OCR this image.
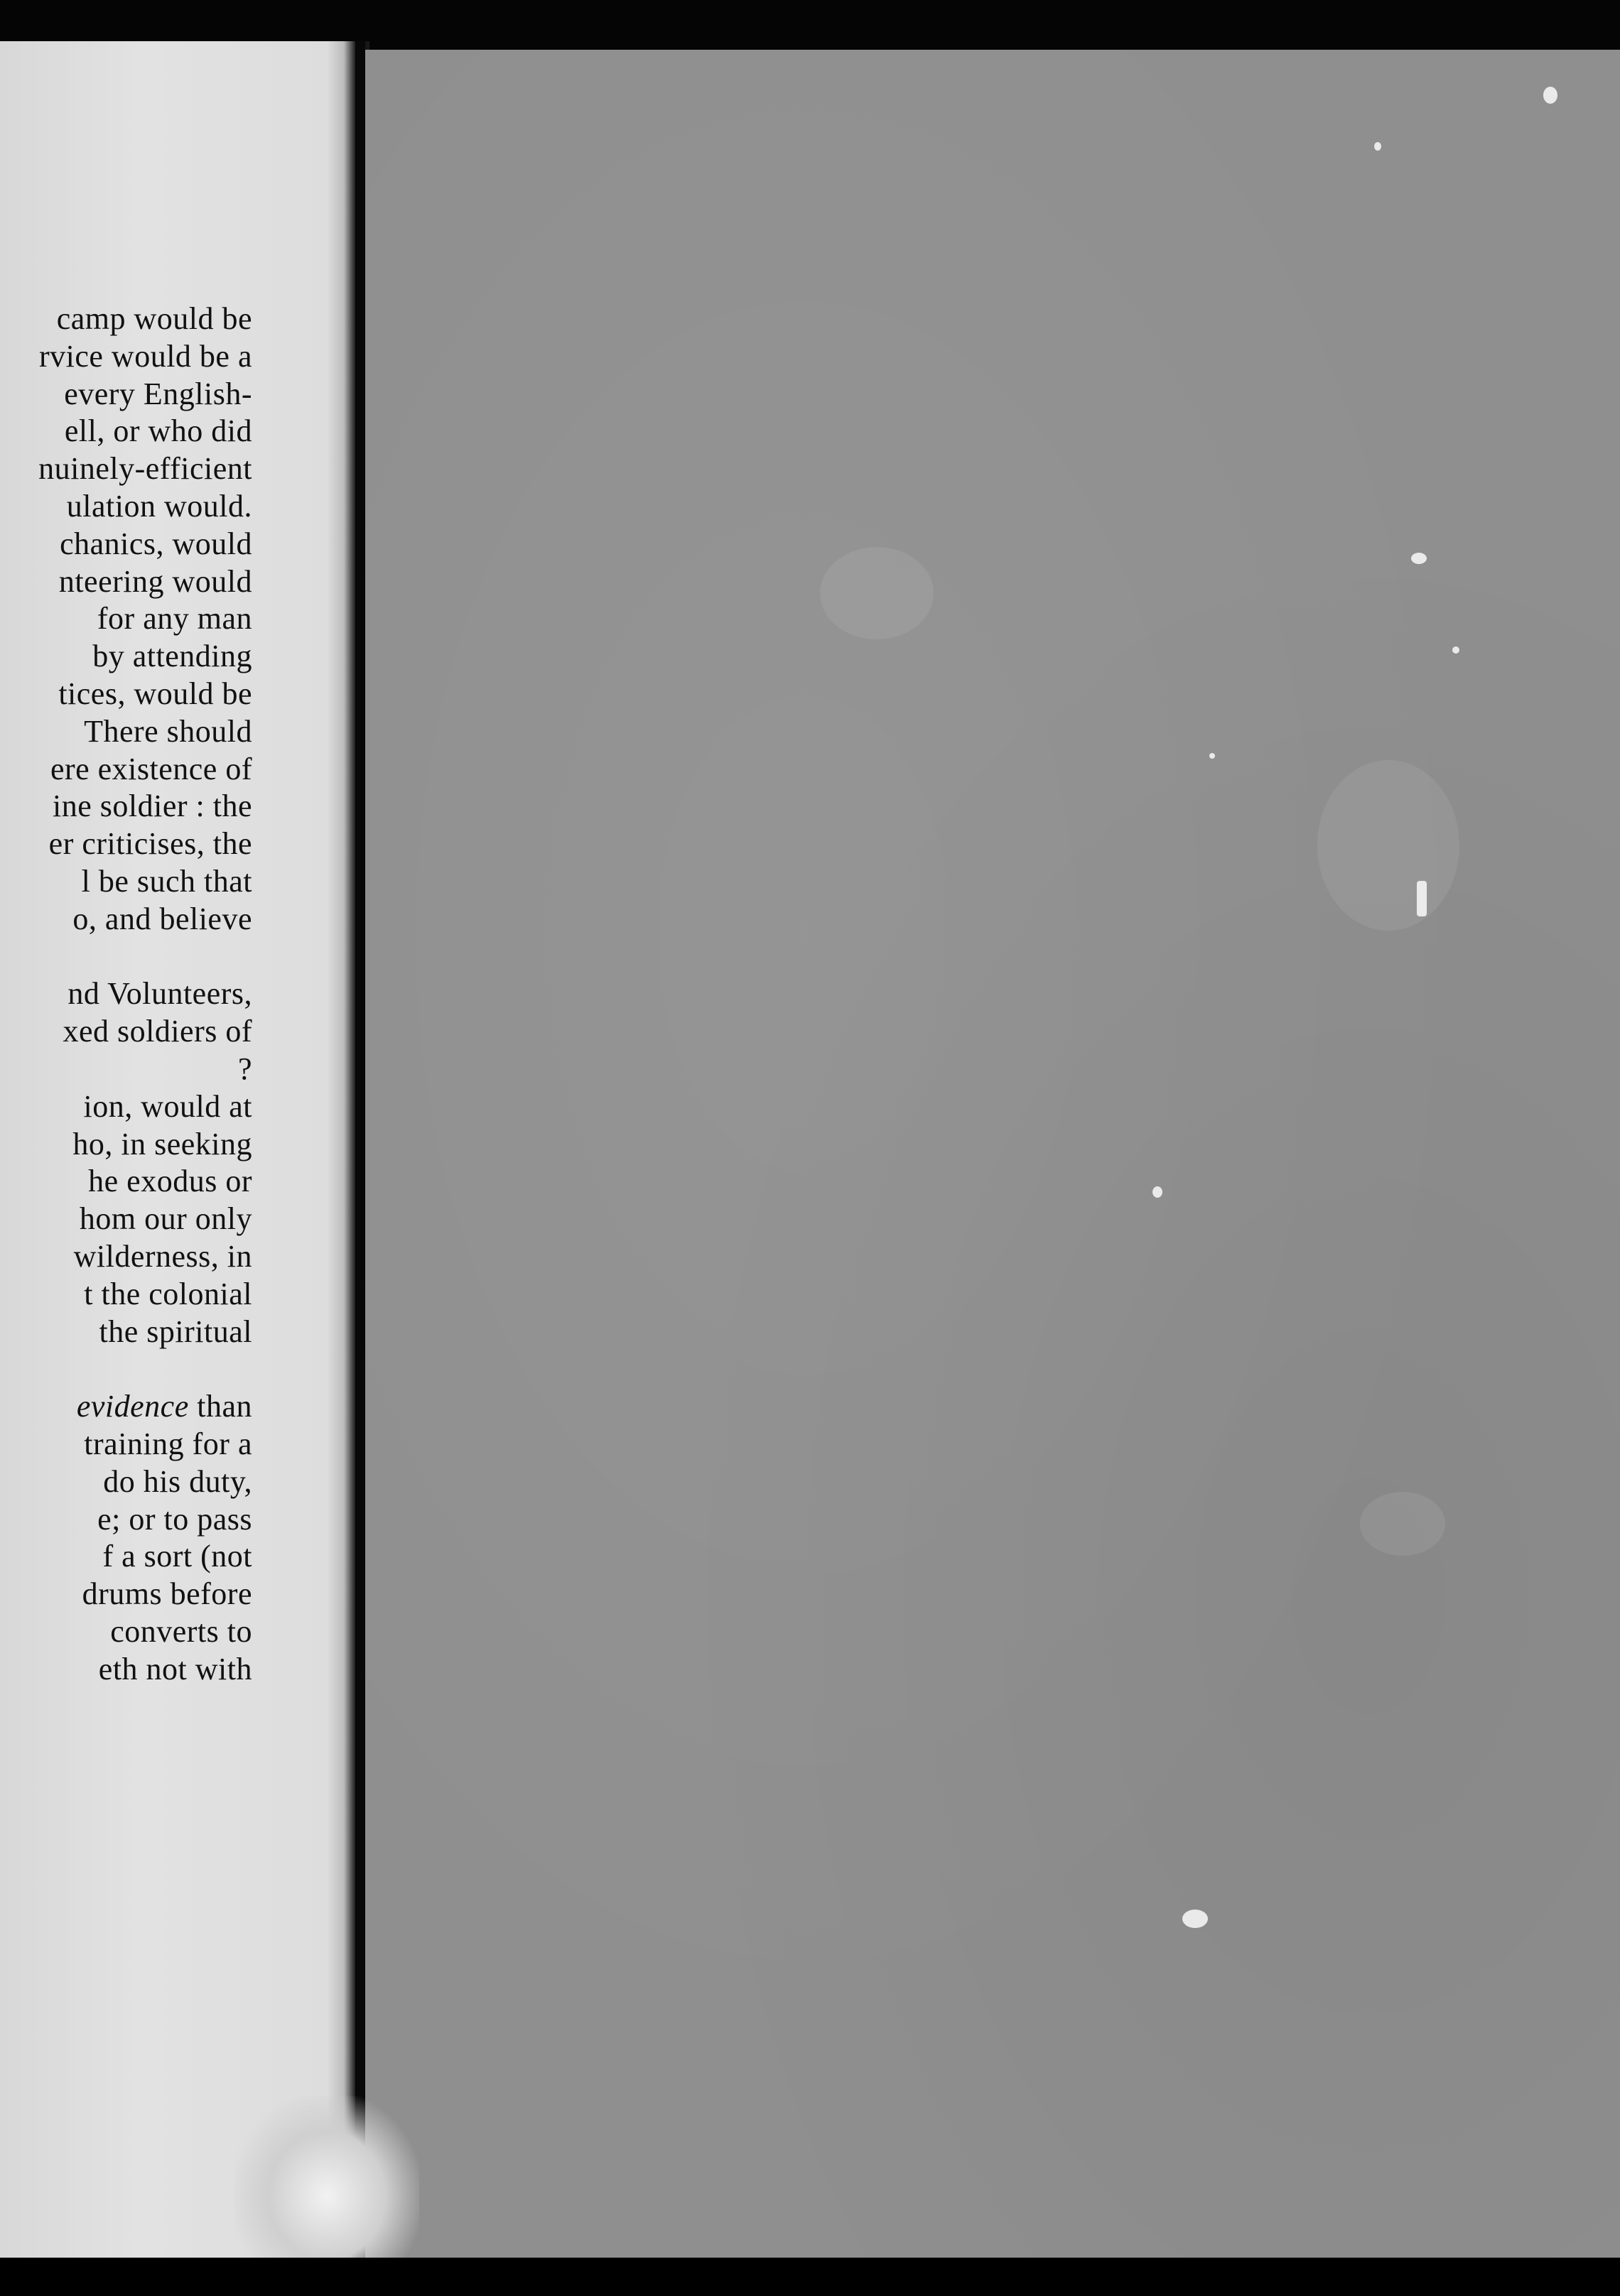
camp would be
rvice would be a
every English-
ell, or who did
nuinely-efficient
ulation would.
chanics, would
nteering would
for any man
by attending
tices, would be
There should
ere existence of
ine soldier : the
er criticises, the
l be such that
o, and believe
nd Volunteers,
xed soldiers of
?
ion, would at
ho, in seeking
he exodus or
hom our only
wilderness, in
t the colonial
the spiritual
evidence than
training for a
do his duty,
e; or to pass
f a sort (not
drums before
converts to
eth not with
